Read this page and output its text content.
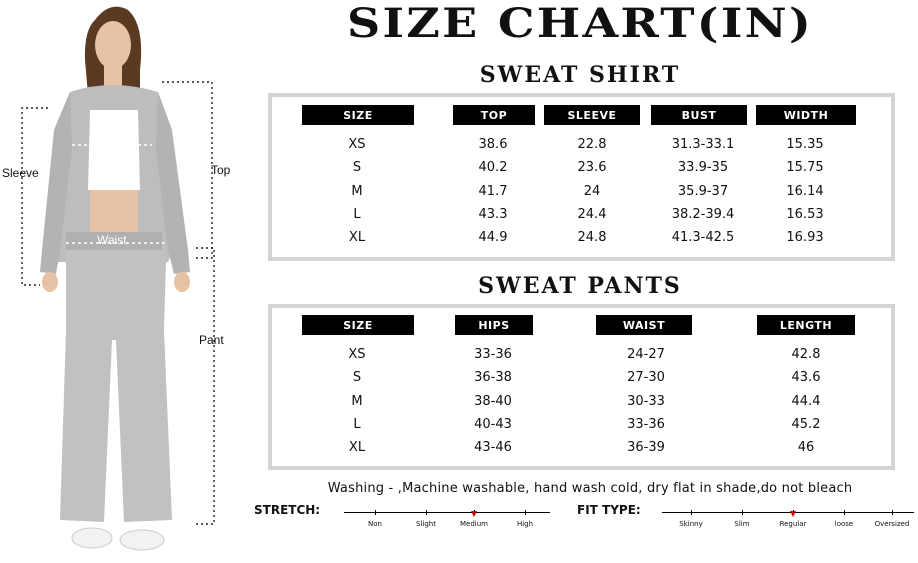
Sleeve	Top
Bust
Waist
Pant
SIZE CHART(IN)
SWEAT SHIRT
SIZE	TOP	SLEEVE	BUST	WIDTH
XS	38.6	22.8	31.3-33.1	15.35
S	40.2	23.6	33.9-35	15.75
M	41.7	24	35.9-37	16.14
L	43.3	24.4	38.2-39.4	16.53
XL	44.9	24.8	41.3-42.5	16.93
SWEAT PANTS
SIZE	HIPS	WAIST	LENGTH
XS	33-36	24-27	42.8
S	36-38	27-30	43.6
M	38-40	30-33	44.4
L	40-43	33-36	45.2
XL	43-46	36-39	46
Washing - ,Machine washable, hand wash cold, dry flat in shade,do not bleach
STRETCH:
Non	Slight	Medium	High
FIT TYPE:
Skinny	Slim	Regular	loose	Oversized
